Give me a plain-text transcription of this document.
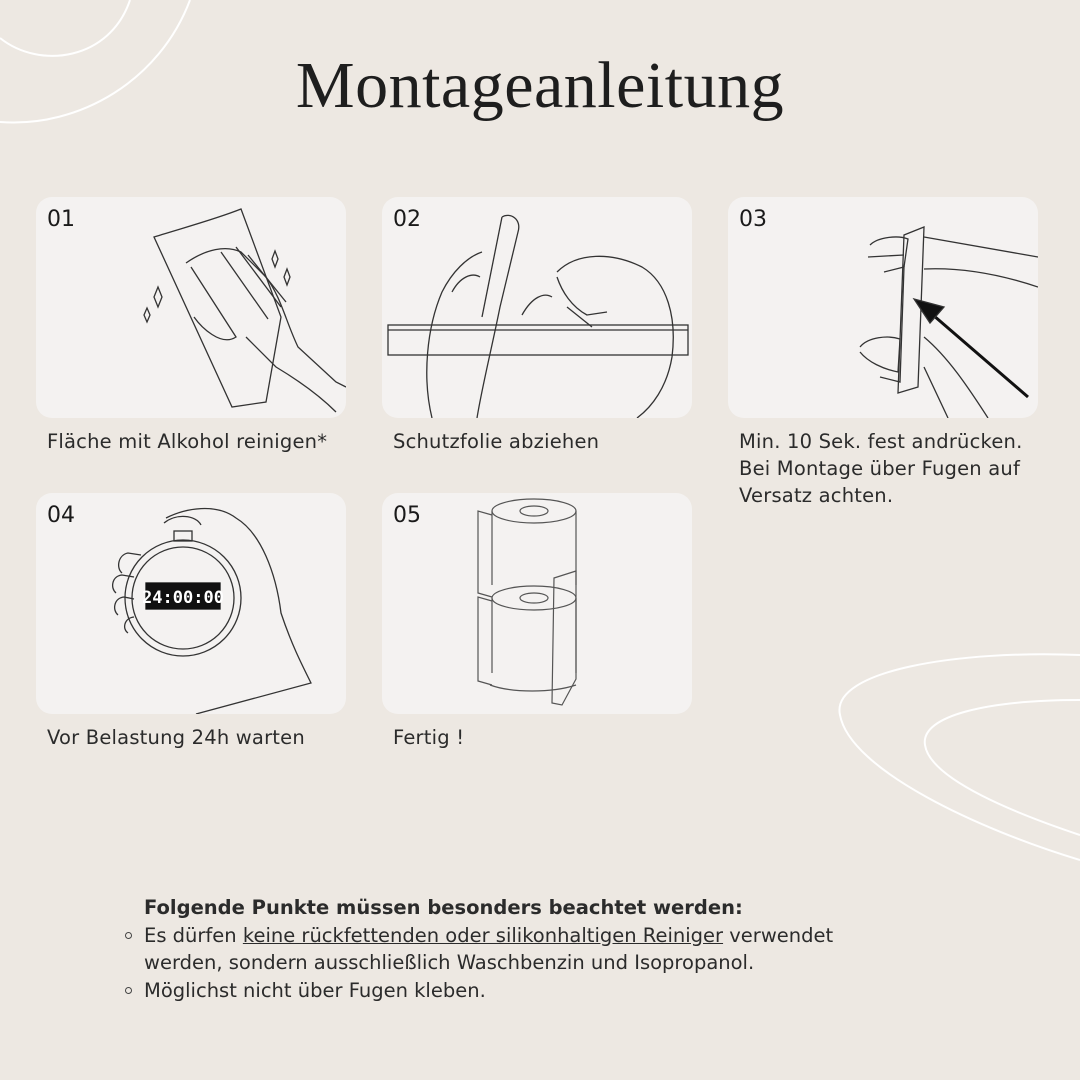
Montageanleitung
01
Fläche mit Alkohol reinigen*
02
Schutzfolie abziehen
03
Min. 10 Sek. fest andrücken.
Bei Montage über Fugen auf
Versatz achten.
24:00:00
04
Vor Belastung 24h warten
05
Fertig !
Folgende Punkte müssen besonders beachtet werden:
Es dürfen keine rückfettenden oder silikonhaltigen Reiniger verwendet
werden, sondern ausschließlich Waschbenzin und Isopropanol.
Möglichst nicht über Fugen kleben.
